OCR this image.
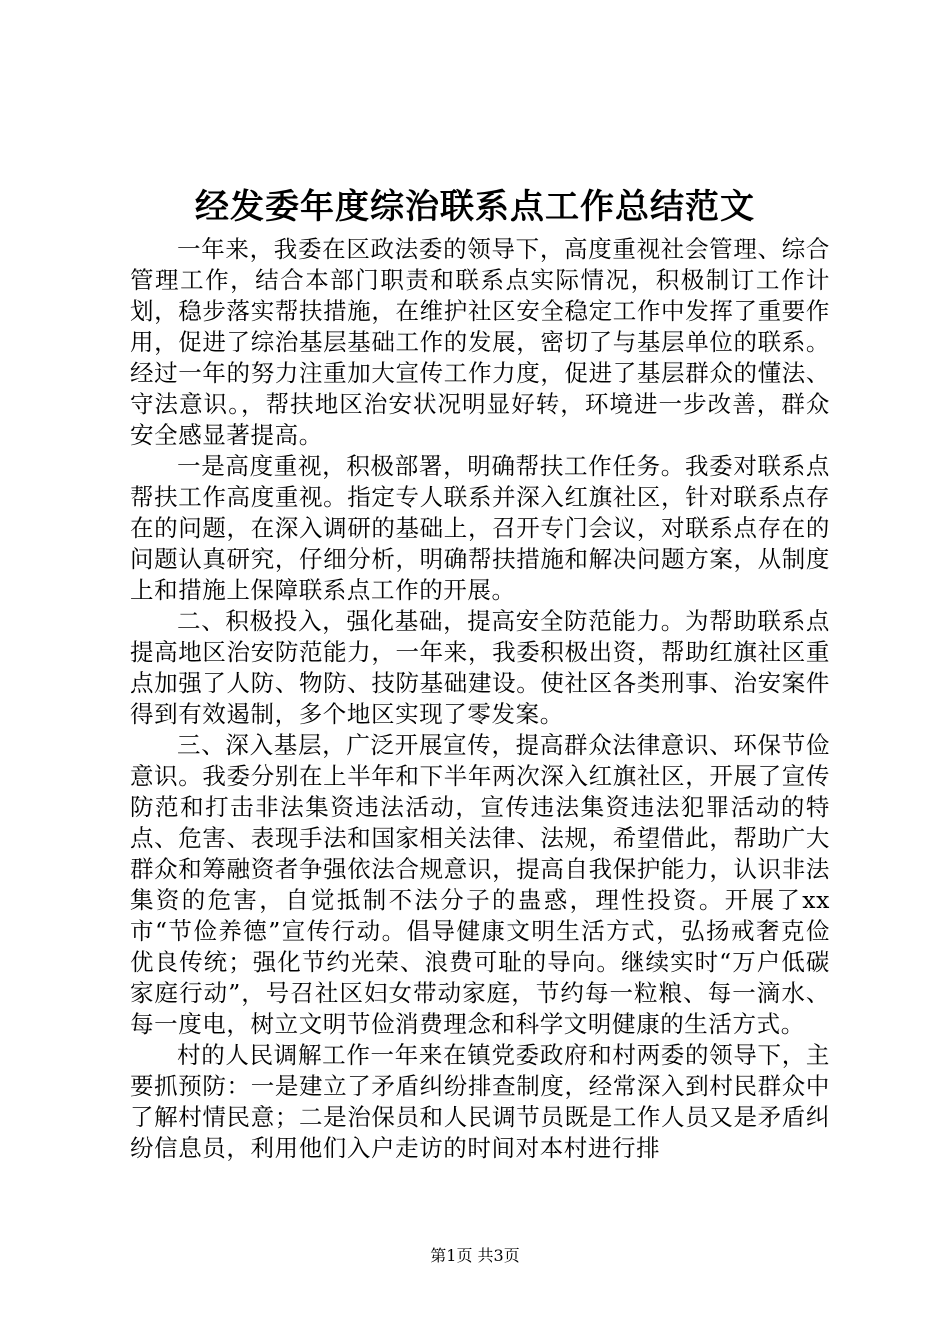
经发委年度综治联系点工作总结范文

一年来，我委在区政法委的领导下，高度重视社会管理、综合管理工作，结合本部门职责和联系点实际情况，积极制订工作计划，稳步落实帮扶措施，在维护社区安全稳定工作中发挥了重要作用，促进了综治基层基础工作的发展，密切了与基层单位的联系。经过一年的努力注重加大宣传工作力度，促进了基层群众的懂法、守法意识。，帮扶地区治安状况明显好转，环境进一步改善，群众安全感显著提高。

一是高度重视，积极部署，明确帮扶工作任务。我委对联系点帮扶工作高度重视。指定专人联系并深入红旗社区，针对联系点存在的问题，在深入调研的基础上，召开专门会议，对联系点存在的问题认真研究，仔细分析，明确帮扶措施和解决问题方案，从制度上和措施上保障联系点工作的开展。

二、积极投入，强化基础，提高安全防范能力。为帮助联系点提高地区治安防范能力，一年来，我委积极出资，帮助红旗社区重点加强了人防、物防、技防基础建设。使社区各类刑事、治安案件得到有效遏制，多个地区实现了零发案。

三、深入基层，广泛开展宣传，提高群众法律意识、环保节俭意识。我委分别在上半年和下半年两次深入红旗社区，开展了宣传防范和打击非法集资违法活动，宣传违法集资违法犯罪活动的特点、危害、表现手法和国家相关法律、法规，希望借此，帮助广大群众和筹融资者争强依法合规意识，提高自我保护能力，认识非法集资的危害，自觉抵制不法分子的蛊惑，理性投资。开展了xx市“节俭养德”宣传行动。倡导健康文明生活方式，弘扬戒奢克俭优良传统；强化节约光荣、浪费可耻的导向。继续实时“万户低碳家庭行动”，号召社区妇女带动家庭，节约每一粒粮、每一滴水、每一度电，树立文明节俭消费理念和科学文明健康的生活方式。

村的人民调解工作一年来在镇党委政府和村两委的领导下，主要抓预防：一是建立了矛盾纠纷排查制度，经常深入到村民群众中了解村情民意；二是治保员和人民调节员既是工作人员又是矛盾纠纷信息员，利用他们入户走访的时间对本村进行排

第1页 共3页
